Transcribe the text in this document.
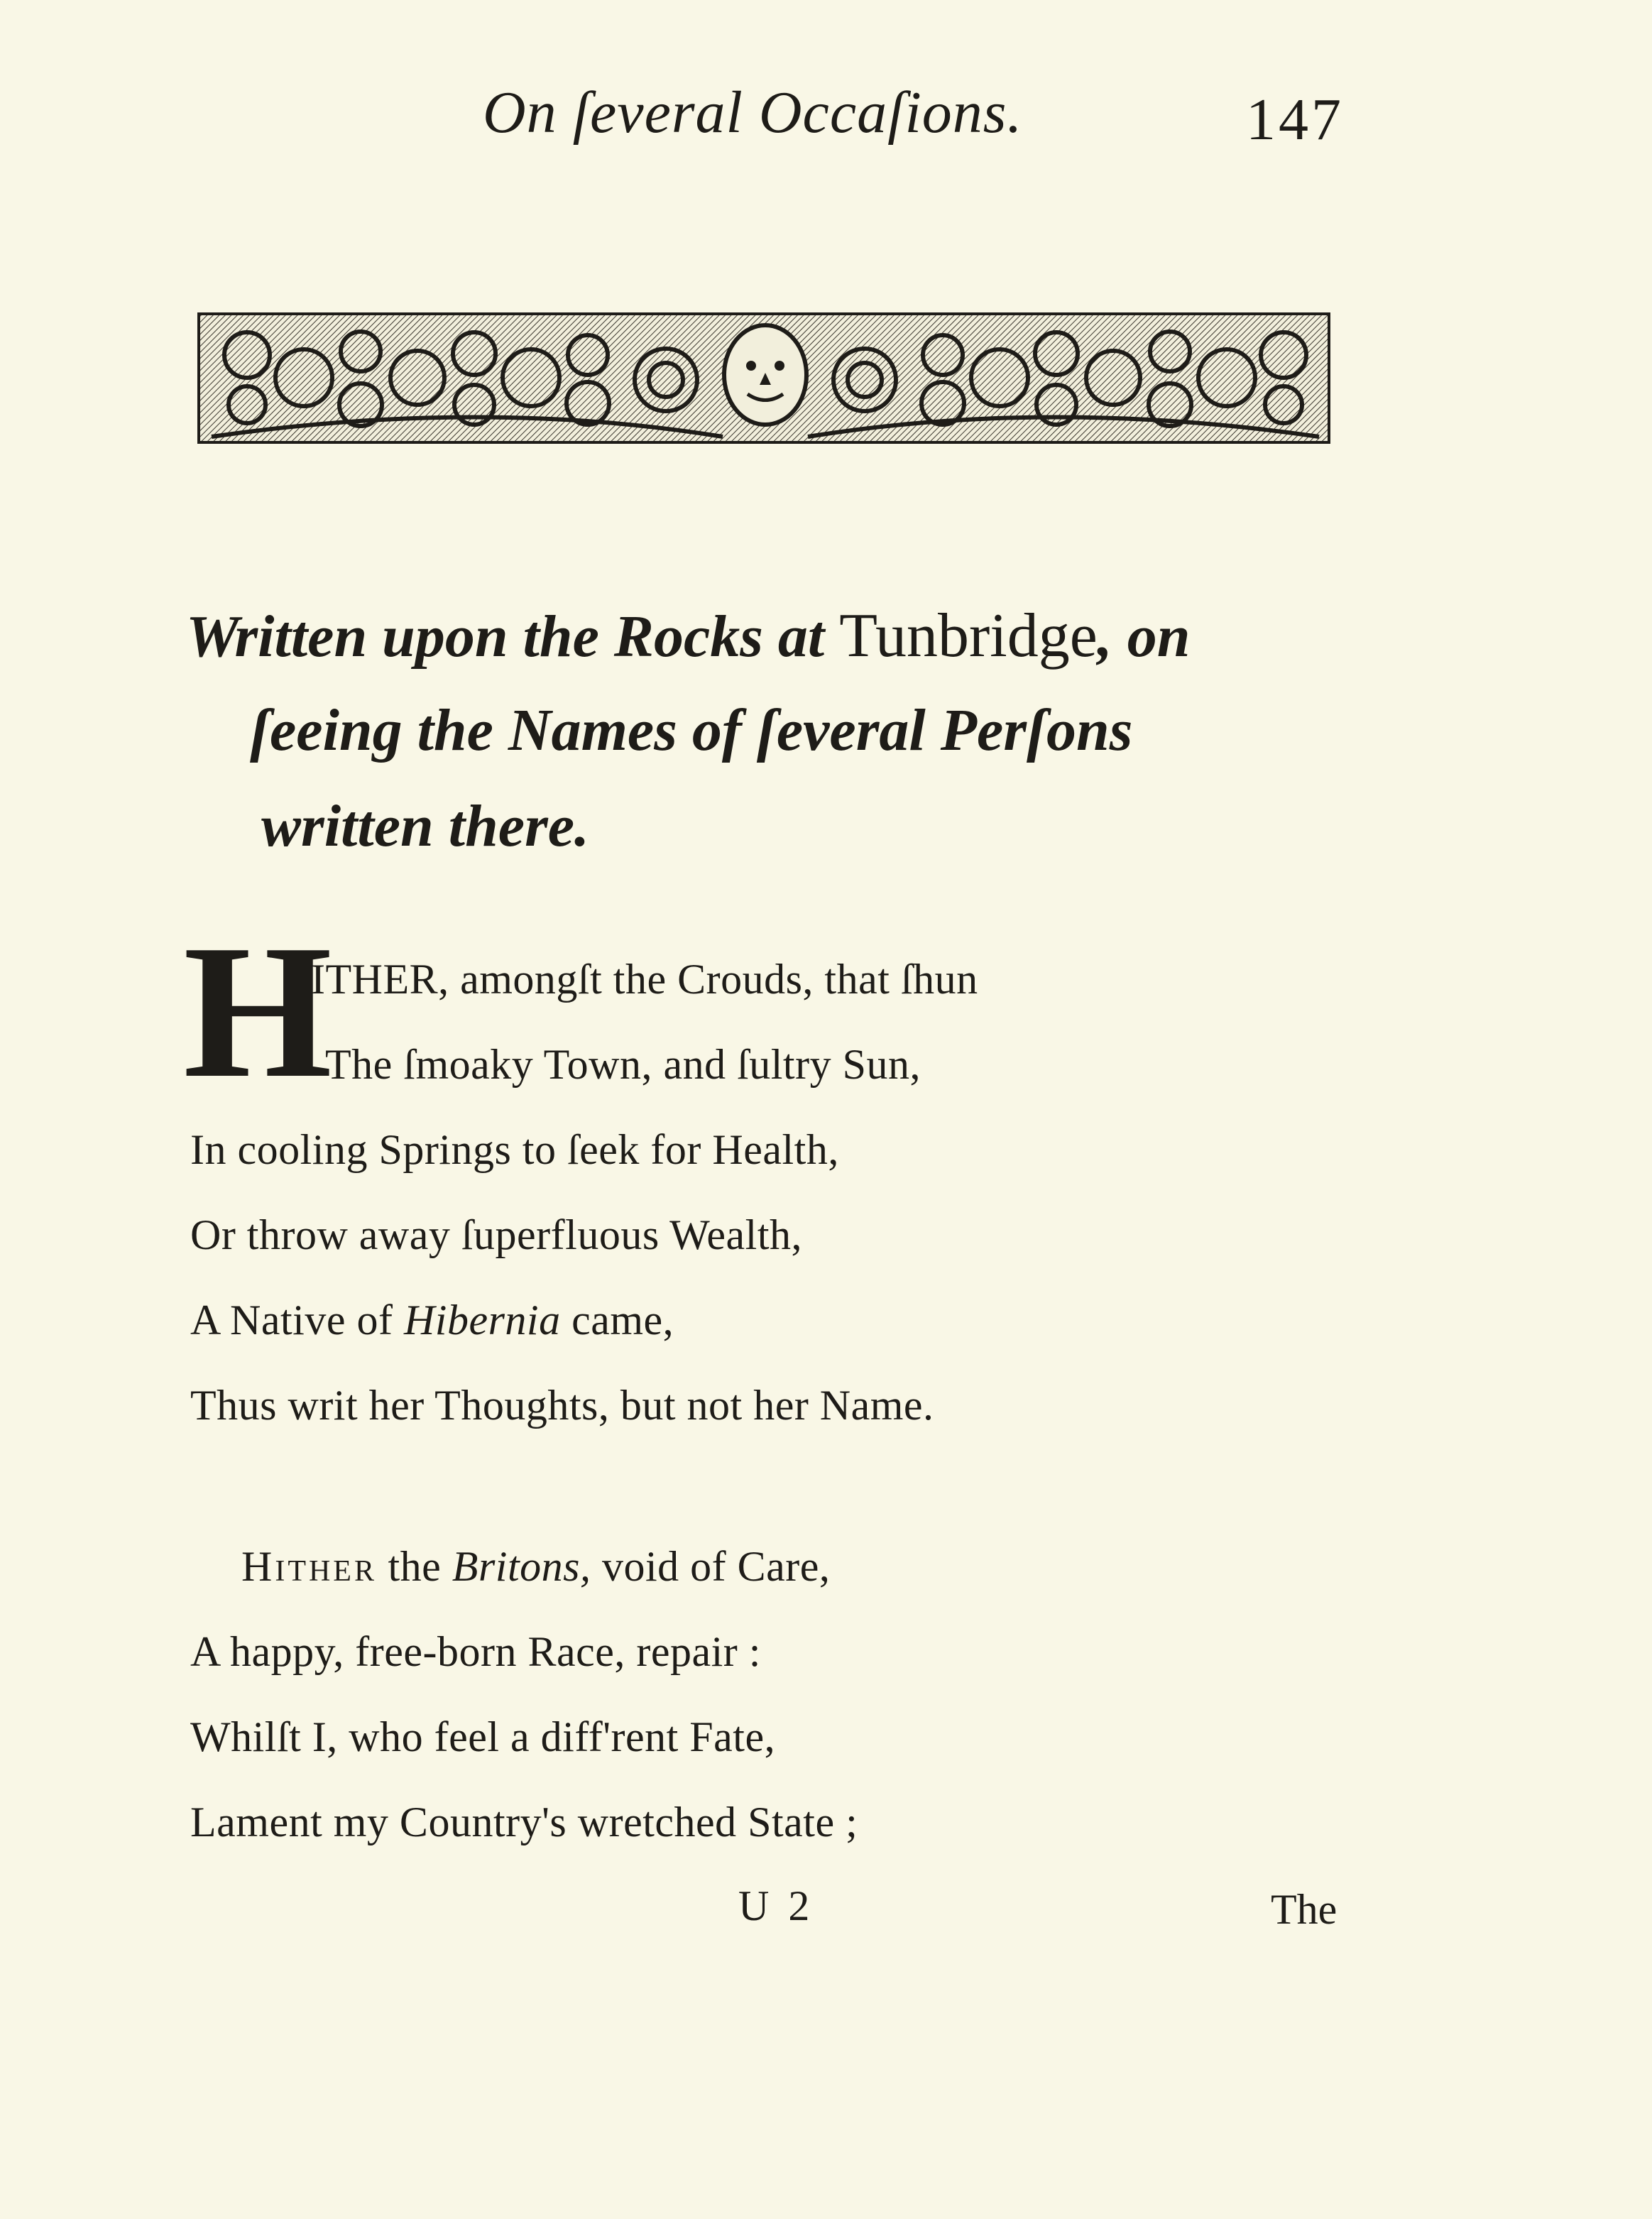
On ſeveral Occaſions.	147
Written upon the Rocks at Tunbridge, on
ſeeing the Names of ſeveral Perſons
written there.
H
ITHER, amongſt the Crouds, that ſhun
The ſmoaky Town, and ſultry Sun,
In cooling Springs to ſeek for Health,
Or throw away ſuperfluous Wealth,
A Native of Hibernia came,
Thus writ her Thoughts, but not her Name.
Hither the Britons, void of Care,
A happy, free-born Race, repair :
Whilſt I, who feel a diff'rent Fate,
Lament my Country's wretched State ;
U 2	The
